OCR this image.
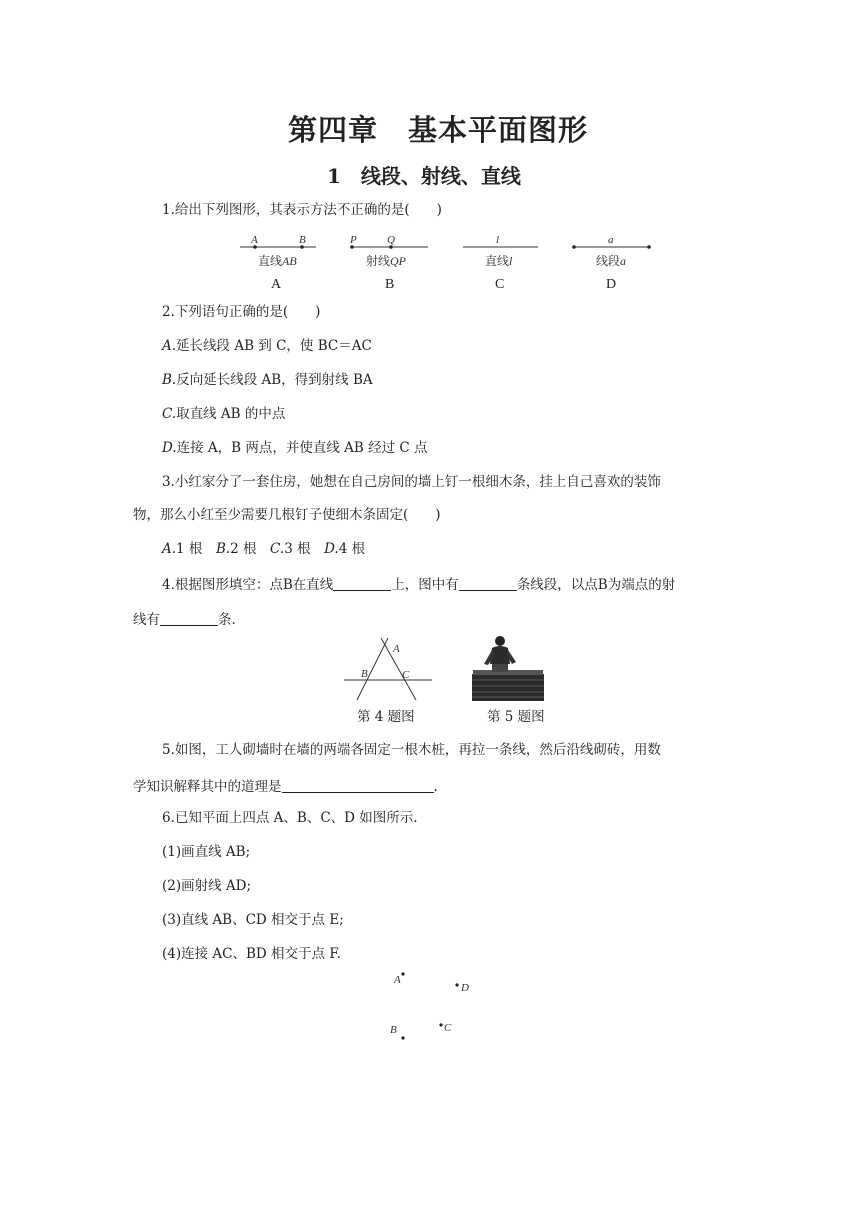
第四章　基本平面图形
1　线段、射线、直线
1.给出下列图形，其表示方法不正确的是(　　)
A	B
直线AB
A
P	Q
射线QP
B
l
直线l
C
a
线段a
D
2.下列语句正确的是(　　)
A.延长线段 AB 到 C，使 BC＝AC
B.反向延长线段 AB，得到射线 BA
C.取直线 AB 的中点
D.连接 A，B 两点，并使直线 AB 经过 C 点
3.小红家分了一套住房，她想在自己房间的墙上钉一根细木条，挂上自己喜欢的装饰
物，那么小红至少需要几根钉子使细木条固定(　　)
A.1 根　 B.2 根　 C.3 根　 D.4 根
4.根据图形填空：点B在直线	上，图中有	条线段，以点B为端点的射
线有	条.
A
B	C
第 4 题图	第 5 题图
5.如图，工人砌墙时在墙的两端各固定一根木桩，再拉一条线，然后沿线砌砖，用数
学知识解释其中的道理是	.
6.已知平面上四点 A、B、C、D 如图所示.
(1)画直线 AB;
(2)画射线 AD;
(3)直线 AB、CD 相交于点 E;
(4)连接 AC、BD 相交于点 F.
A
D
C
B
